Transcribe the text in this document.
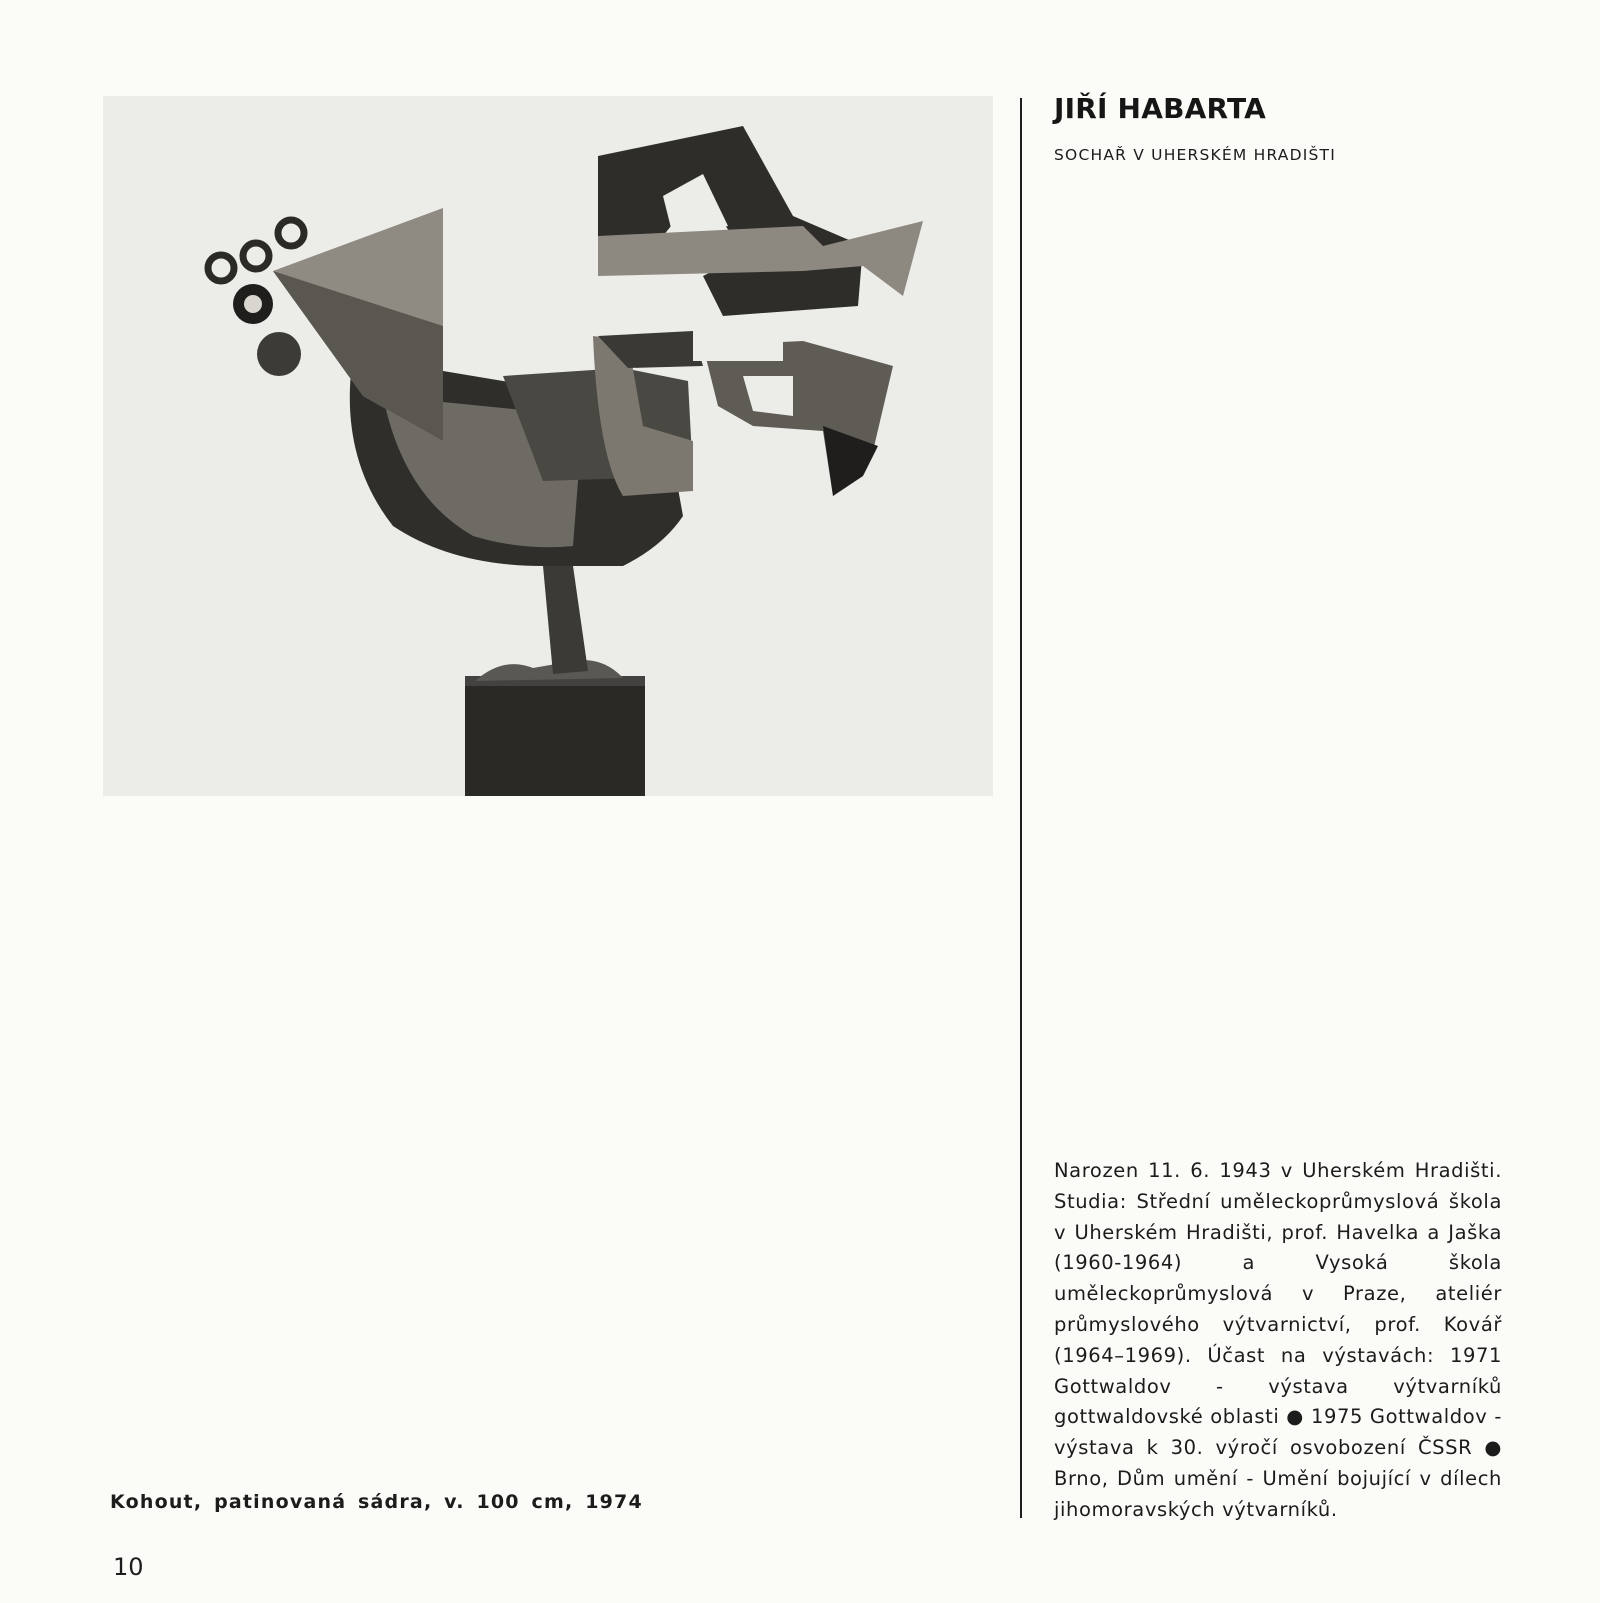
Kohout, patinovaná sádra, v. 100 cm, 1974
10
JIŘÍ HABARTA
SOCHAŘ V UHERSKÉM HRADIŠTI
Narozen 11. 6. 1943 v Uherském Hradišti. Studia: Střední uměleckoprůmyslová škola v Uherském Hradišti, prof. Havelka a Jaška (1960-1964) a Vysoká škola uměleckoprůmyslová v Praze, ateliér průmyslového výtvarnictví, prof. Kovář (1964–1969). Účast na výstavách: 1971 Gottwaldov - výstava výtvarníků gottwaldovské oblasti ● 1975 Gottwaldov - výstava k 30. výročí osvobození ČSSR ● Brno, Dům umění - Umění bojující v dílech jihomoravských výtvarníků.
